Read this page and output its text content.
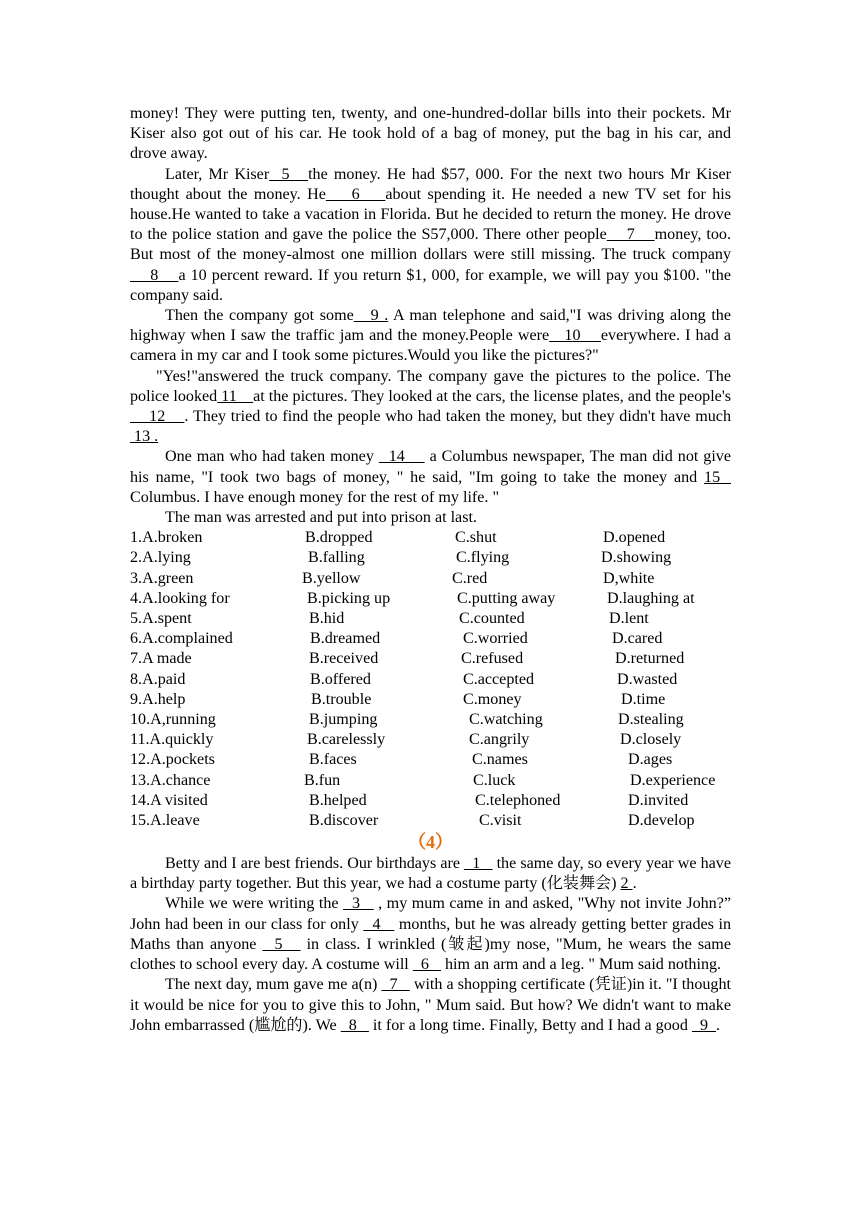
money! They were putting ten, twenty, and one-hundred-dollar bills into their pockets. Mr Kiser also got out of his car. He took hold of a bag of money, put the bag in his car, and drove away.

Later, Mr Kiser  5   the money. He had $57, 000. For the next two hours Mr Kiser thought about the money. He    6    about spending it. He needed a new TV set for his house.He wanted to take a vacation in Florida. But he decided to return the money. He drove to the police station and gave the police the S57,000. There other people    7    money, too. But most of the money-almost one million dollars were still missing. The truck company    8    a 10 percent reward. If you return $1, 000, for example, we will pay you $100. "the company said.

Then the company got some   9 . A man telephone and said,"I was driving along the highway when I saw the traffic jam and the money.People were   10    everywhere. I had a camera in my car and I took some pictures.Would you like the pictures?"

"Yes!"answered the truck company. The company gave the pictures to the police. The police looked 11    at the pictures. They looked at the cars, the license plates, and the people's    12    . They tried to find the people who had taken the money, but they didn't have much 13 .

One man who had taken money   14     a Columbus newspaper, The man did not give his name, "I took two bags of money, " he said, "Im going to take the money and 15   Columbus. I have enough money for the rest of my life. "

The man was arrested and put into prison at last.

1.A.broken	B.dropped	C.shut	D.opened
2.A.lying	B.falling	C.flying	D.showing
3.A.green	B.yellow	C.red	D,white
4.A.looking for	B.picking up	C.putting away	D.laughing at
5.A.spent	B.hid	C.counted	D.lent
6.A.complained	B.dreamed	C.worried	D.cared
7.A made	B.received	C.refused	D.returned
8.A.paid	B.offered	C.accepted	D.wasted
9.A.help	B.trouble	C.money	D.time
10.A,running	B.jumping	C.watching	D.stealing
11.A.quickly	B.carelessly	C.angrily	D.closely
12.A.pockets	B.faces	C.names	D.ages
13.A.chance	B.fun	C.luck	D.experience
14.A visited	B.helped	C.telephoned	D.invited
15.A.leave	B.discover	C.visit	D.develop
（4）

Betty and I are best friends. Our birthdays are   1    the same day, so every year we have a birthday party together. But this year, we had a costume party (化装舞会) 2 .

While we were writing the   3    , my mum came in and asked, "Why not invite John?” John had been in our class for only   4    months, but he was already getting better grades in Maths than anyone   5    in class. I wrinkled (皱起)my nose, "Mum, he wears the same clothes to school every day. A costume will   6    him an arm and a leg. " Mum said nothing.

The next day, mum gave me a(n)   7    with a shopping certificate (凭证)in it. "I thought it would be nice for you to give this to John, " Mum said. But how? We didn't want to make John embarrassed (尴尬的). We   8    it for a long time. Finally, Betty and I had a good   9  .
